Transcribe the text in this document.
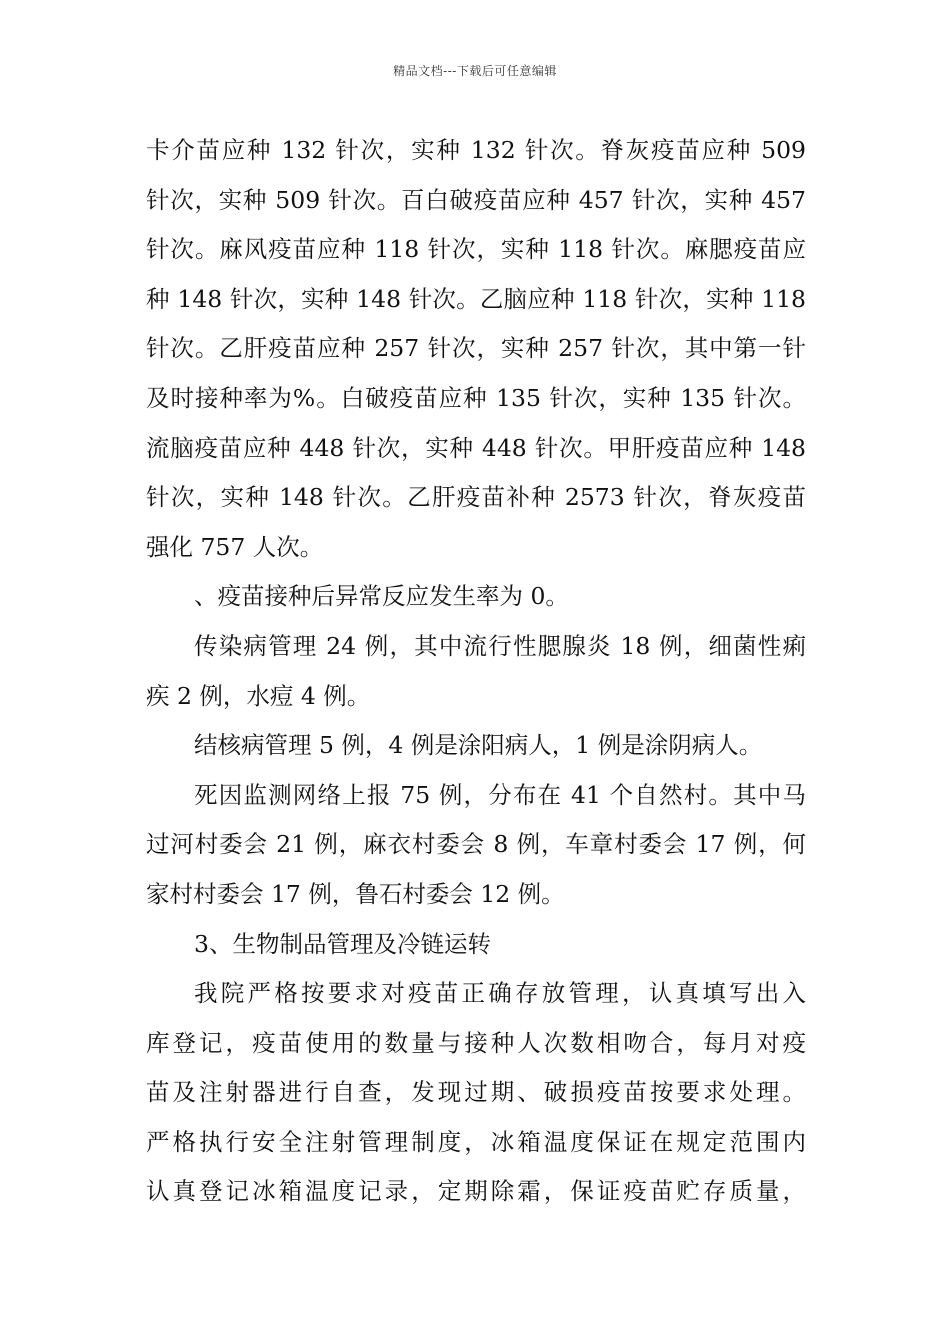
精品文档---下载后可任意编辑
卡介苗应种 132 针次，实种 132 针次。脊灰疫苗应种 509
针次，实种 509 针次。百白破疫苗应种 457 针次，实种 457
针次。麻风疫苗应种 118 针次，实种 118 针次。麻腮疫苗应
种 148 针次，实种 148 针次。乙脑应种 118 针次，实种 118
针次。乙肝疫苗应种 257 针次，实种 257 针次，其中第一针
及时接种率为%。白破疫苗应种 135 针次，实种 135 针次。
流脑疫苗应种 448 针次，实种 448 针次。甲肝疫苗应种 148
针次，实种 148 针次。乙肝疫苗补种 2573 针次，脊灰疫苗
强化 757 人次。
、疫苗接种后异常反应发生率为 0。
传染病管理 24 例，其中流行性腮腺炎 18 例，细菌性痢
疾 2 例，水痘 4 例。
结核病管理 5 例，4 例是涂阳病人，1 例是涂阴病人。
死因监测网络上报 75 例，分布在 41 个自然村。其中马
过河村委会 21 例，麻衣村委会 8 例，车章村委会 17 例，何
家村村委会 17 例，鲁石村委会 12 例。
3、生物制品管理及冷链运转
我院严格按要求对疫苗正确存放管理，认真填写出入
库登记，疫苗使用的数量与接种人次数相吻合，每月对疫
苗及注射器进行自查，发现过期、破损疫苗按要求处理。
严格执行安全注射管理制度，冰箱温度保证在规定范围内
认真登记冰箱温度记录，定期除霜，保证疫苗贮存质量，
